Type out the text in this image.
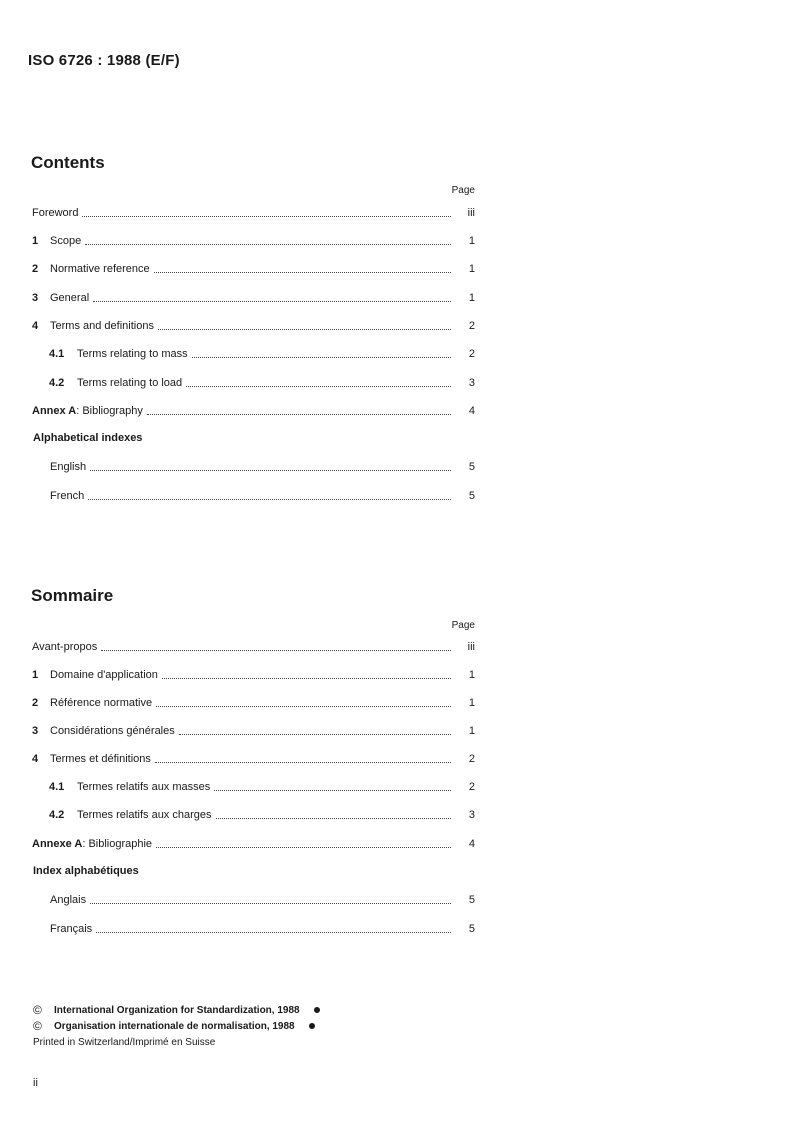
ISO 6726 : 1988 (E/F)
Contents
Page
Foreword	iii
1	Scope	1
2	Normative reference	1
3	General	1
4	Terms and definitions	2
4.1	Terms relating to mass	2
4.2	Terms relating to load	3
Annex A : Bibliography	4
Alphabetical indexes
English	5
French	5
Sommaire
Page
Avant-propos	iii
1	Domaine d'application	1
2	Référence normative	1
3	Considérations générales	1
4	Termes et définitions	2
4.1	Termes relatifs aux masses	2
4.2	Termes relatifs aux charges	3
Annexe A : Bibliographie	4
Index alphabétiques
Anglais	5
Français	5
©	International Organization for Standardization, 1988
©	Organisation internationale de normalisation, 1988
Printed in Switzerland/Imprimé en Suisse
ii
